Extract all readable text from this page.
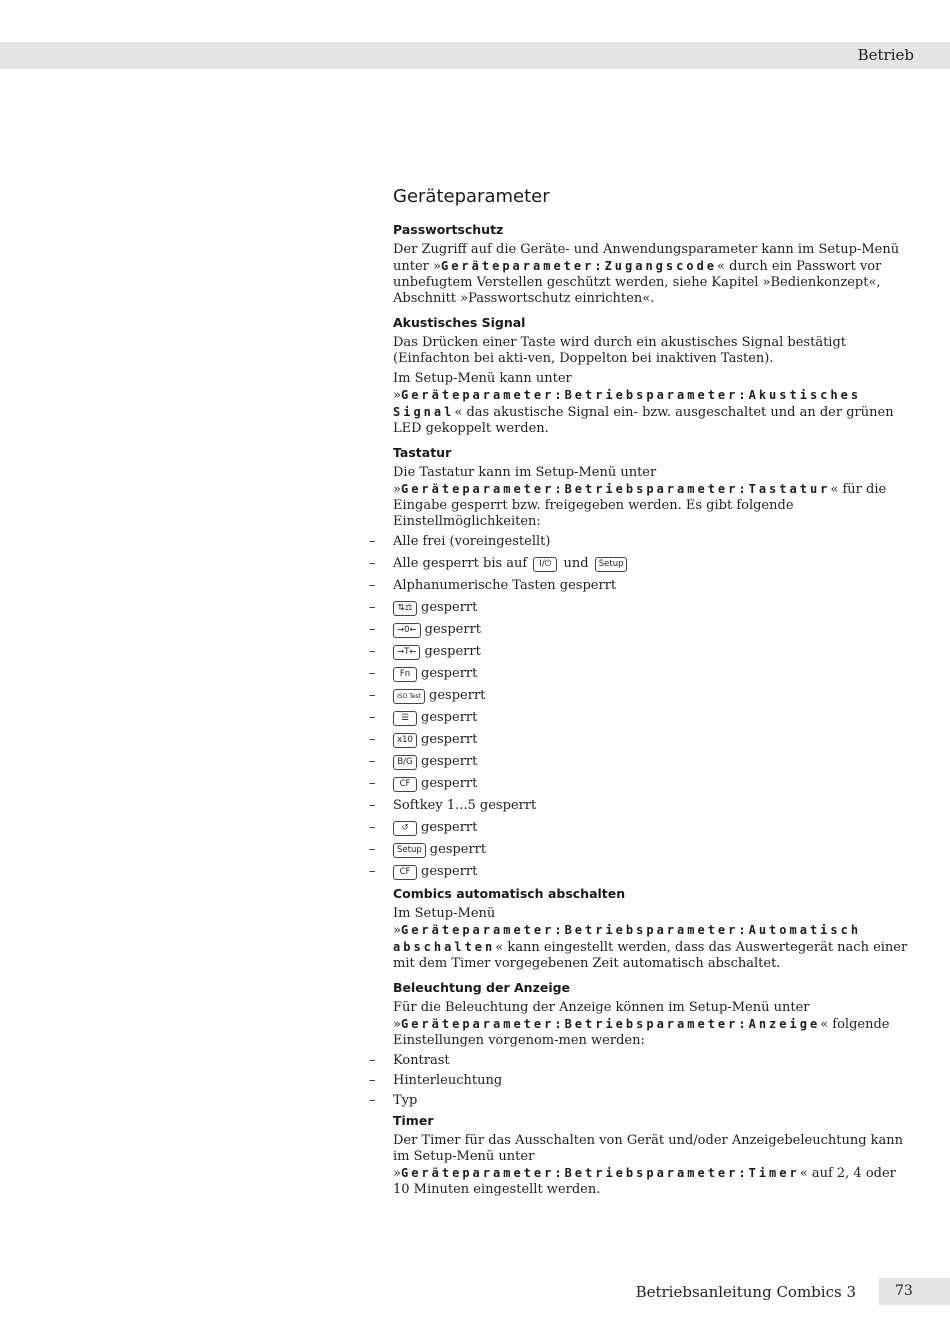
Betrieb
Geräteparameter
Passwortschutz

Der Zugriff auf die Geräte- und Anwendungsparameter kann im Setup-Menü unter »Geräteparameter:Zugangscode« durch ein Passwort vor unbefugtem Verstellen geschützt werden, siehe Kapitel »Bedienkonzept«, Abschnitt »Passwortschutz einrichten«.

Akustisches Signal

Das Drücken einer Taste wird durch ein akustisches Signal bestätigt (Einfachton bei akti-ven, Doppelton bei inaktiven Tasten).

Im Setup-Menü kann unter »Geräteparameter:Betriebsparameter:Akustisches Signal« das akustische Signal ein- bzw. ausgeschaltet und an der grünen LED gekoppelt werden.

Tastatur

Die Tastatur kann im Setup-Menü unter »Geräteparameter:Betriebsparameter:Tastatur« für die Eingabe gesperrt bzw. freigegeben werden. Es gibt folgende Einstellmöglichkeiten:

– Alle frei (voreingestellt)
– Alle gesperrt bis auf I/⏻ und Setup
– Alphanumerische Tasten gesperrt
– ⇅⚖ gesperrt
– →0← gesperrt
– →T← gesperrt
– Fn gesperrt
– ISO Test gesperrt
– ☰ gesperrt
– x10 gesperrt
– B/G gesperrt
– CF gesperrt
– Softkey 1...5 gesperrt
– ↺ gesperrt
– Setup gesperrt
– CF gesperrt
Combics automatisch abschalten

Im Setup-Menü »Geräteparameter:Betriebsparameter:Automatisch abschalten« kann eingestellt werden, dass das Auswertegerät nach einer mit dem Timer vorgegebenen Zeit automatisch abschaltet.

Beleuchtung der Anzeige

Für die Beleuchtung der Anzeige können im Setup-Menü unter »Geräteparameter:Betriebsparameter:Anzeige« folgende Einstellungen vorgenom-men werden:

– Kontrast
– Hinterleuchtung
– Typ
Timer

Der Timer für das Ausschalten von Gerät und/oder Anzeigebeleuchtung kann im Setup-Menü unter »Geräteparameter:Betriebsparameter:Timer« auf 2, 4 oder 10 Minuten eingestellt werden.

Betriebsanleitung Combics 3	73
